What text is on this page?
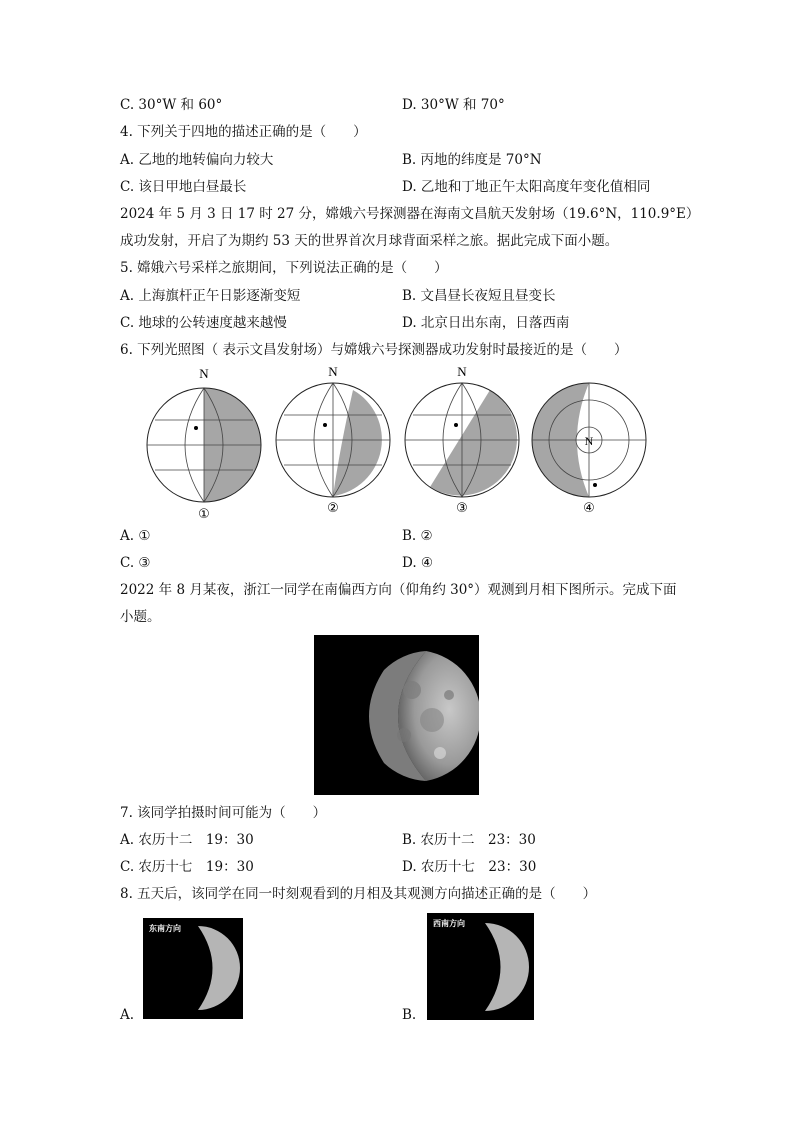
C. 30°W 和 60°	D. 30°W 和 70°
4. 下列关于四地的描述正确的是（　　）
A. 乙地的地转偏向力较大	B. 丙地的纬度是 70°N
C. 该日甲地白昼最长	D. 乙地和丁地正午太阳高度年变化值相同
2024 年 5 月 3 日 17 时 27 分，嫦娥六号探测器在海南文昌航天发射场（19.6°N，110.9°E）
成功发射，开启了为期约 53 天的世界首次月球背面采样之旅。据此完成下面小题。
5. 嫦娥六号采样之旅期间，下列说法正确的是（　　）
A. 上海旗杆正午日影逐渐变短	B. 文昌昼长夜短且昼变长
C. 地球的公转速度越来越慢	D. 北京日出东南，日落西南
6. 下列光照图（ 表示文昌发射场）与嫦娥六号探测器成功发射时最接近的是（　　）
N
①
N
②
N
③
N
④
A. ①	B. ②
C. ③	D. ④
2022 年 8 月某夜，浙江一同学在南偏西方向（仰角约 30°）观测到月相下图所示。完成下面
小题。
7. 该同学拍摄时间可能为（　　）
A. 农历十二　19：30	B. 农历十二　23：30
C. 农历十七　19：30	D. 农历十七　23：30
8. 五天后，该同学在同一时刻观看到的月相及其观测方向描述正确的是（　　）
A.
东南方向
B.
西南方向
